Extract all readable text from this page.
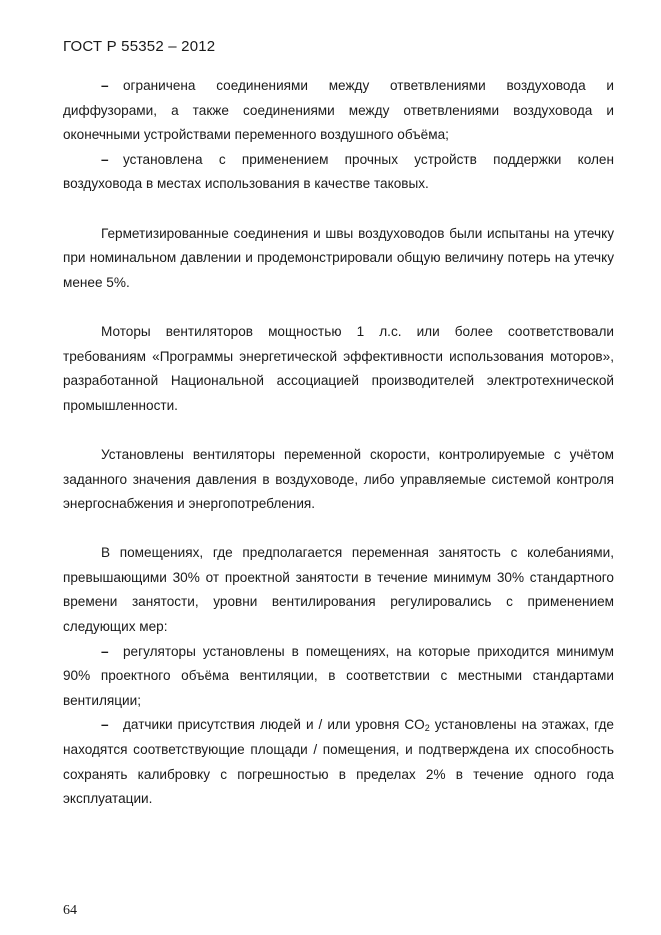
ГОСТ Р 55352 – 2012

– ограничена соединениями между ответвлениями воздуховода и диффузорами, а также соединениями между ответвлениями воздуховода и оконечными устройствами переменного воздушного объёма;

– установлена с применением прочных устройств поддержки колен воздуховода в местах использования в качестве таковых.

Герметизированные соединения и швы воздуховодов были испытаны на утечку при номинальном давлении и продемонстрировали общую величину потерь на утечку менее 5%.

Моторы вентиляторов мощностью 1 л.с. или более соответствовали требованиям «Программы энергетической эффективности использования моторов», разработанной Национальной ассоциацией производителей электротехнической промышленности.

Установлены вентиляторы переменной скорости, контролируемые с учётом заданного значения давления в воздуховоде, либо управляемые системой контроля энергоснабжения и энергопотребления.

В помещениях, где предполагается переменная занятость с колебаниями, превышающими 30% от проектной занятости в течение минимум 30% стандартного времени занятости, уровни вентилирования регулировались с применением следующих мер:

– регуляторы установлены в помещениях, на которые приходится минимум 90% проектного объёма вентиляции, в соответствии с местными стандартами вентиляции;

– датчики присутствия людей и / или уровня $CO_2$ установлены на этажах, где находятся соответствующие площади / помещения, и подтверждена их способность сохранять калибровку с погрешностью в пределах 2% в течение одного года эксплуатации.

64
